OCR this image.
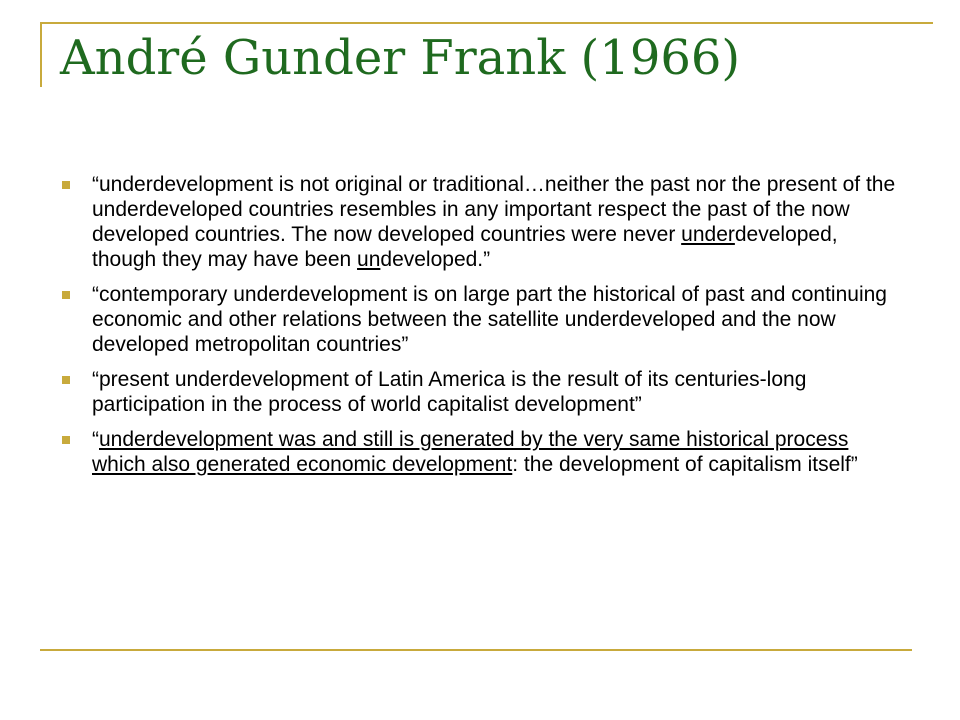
André Gunder Frank (1966)
“underdevelopment is not original or traditional…neither the past nor the present of the underdeveloped countries resembles in any important respect the past of the now developed countries. The now developed countries were never underdeveloped, though they may have been undeveloped.”
“contemporary underdevelopment is on large part the historical of past and continuing economic and other relations between the satellite underdeveloped and the now developed metropolitan countries”
“present underdevelopment of Latin America is the result of its centuries-long participation in the process of world capitalist development”
“underdevelopment was and still is generated by the very same historical process which also generated economic development: the development of capitalism itself”
